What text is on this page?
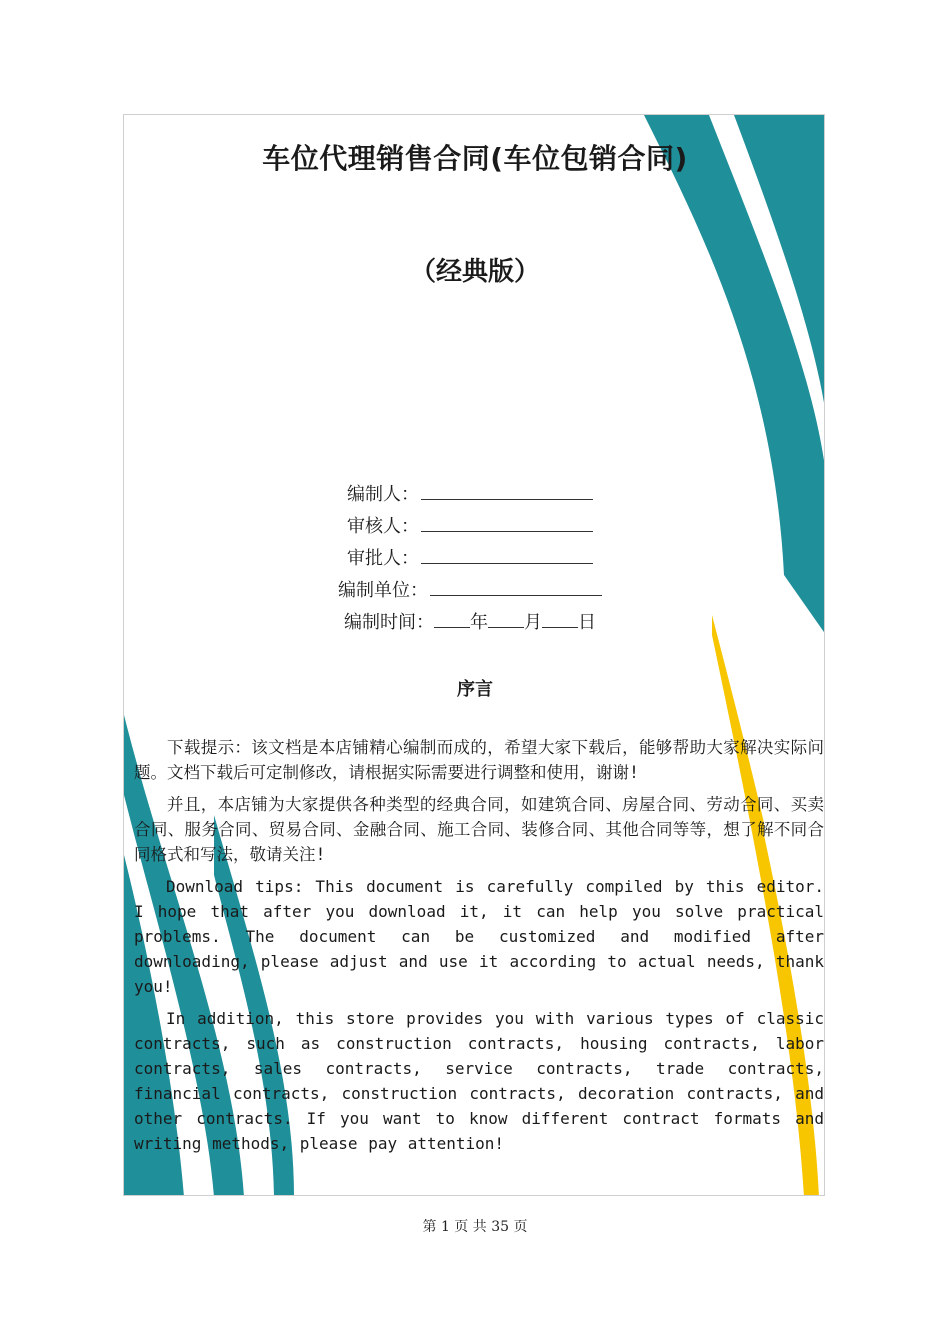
车位代理销售合同(车位包销合同)
（经典版）
编制人：
审核人：
审批人：
编制单位：
编制时间： 年 月 日
序言

下载提示：该文档是本店铺精心编制而成的，希望大家下载后，能够帮助大家解决实际问题。文档下载后可定制修改，请根据实际需要进行调整和使用，谢谢!

并且，本店铺为大家提供各种类型的经典合同，如建筑合同、房屋合同、劳动合同、买卖合同、服务合同、贸易合同、金融合同、施工合同、装修合同、其他合同等等，想了解不同合同格式和写法，敬请关注!

Download tips: This document is carefully compiled by this editor. I hope that after you download it, it can help you solve practical problems. The document can be customized and modified after downloading, please adjust and use it according to actual needs, thank you!

In addition, this store provides you with various types of classic contracts, such as construction contracts, housing contracts, labor contracts, sales contracts, service contracts, trade contracts, financial contracts, construction contracts, decoration contracts, and other contracts. If you want to know different contract formats and writing methods, please pay attention!

第 1 页 共 35 页
